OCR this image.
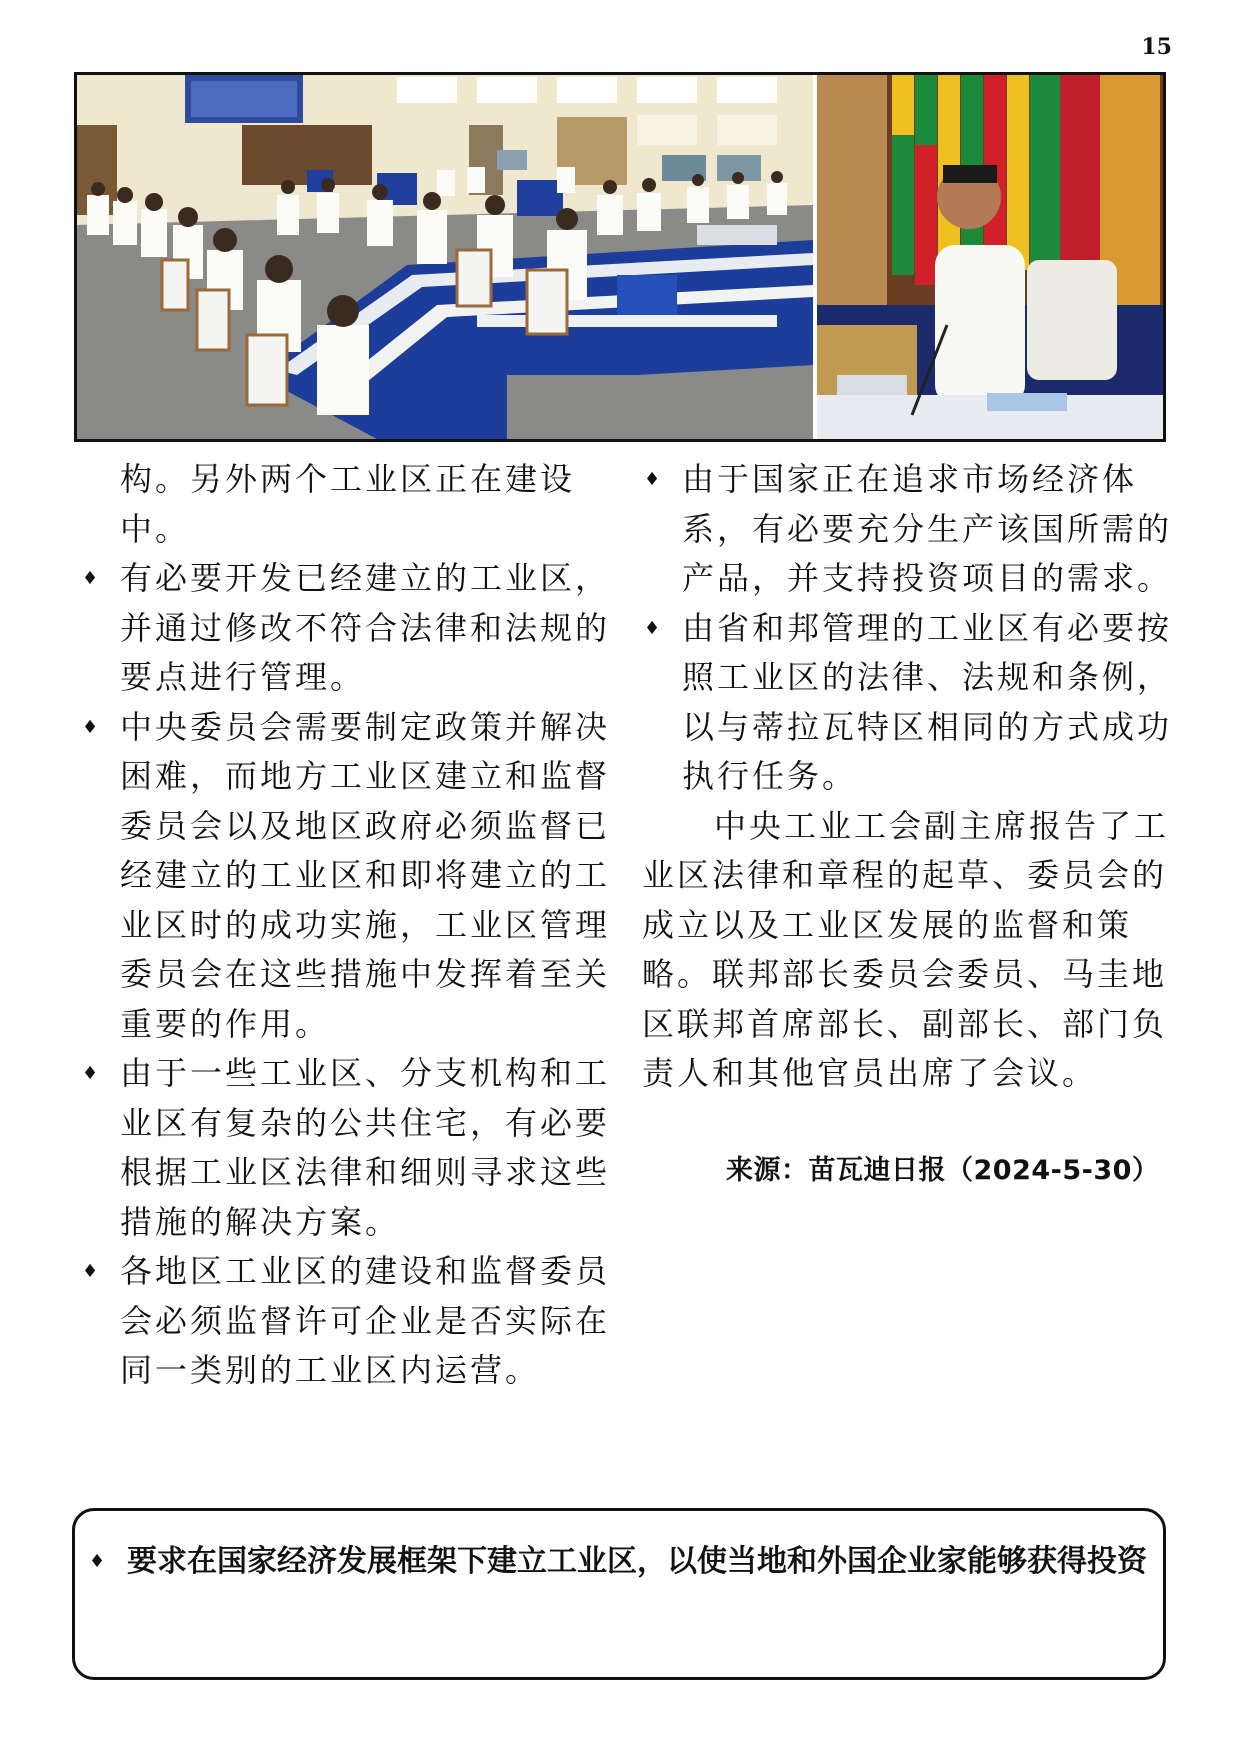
15

构。另外两个工业区正在建设中。

♦ 有必要开发已经建立的工业区，并通过修改不符合法律和法规的要点进行管理。

♦ 中央委员会需要制定政策并解决困难，而地方工业区建立和监督委员会以及地区政府必须监督已经建立的工业区和即将建立的工业区时的成功实施，工业区管理委员会在这些措施中发挥着至关重要的作用。

♦ 由于一些工业区、分支机构和工业区有复杂的公共住宅，有必要根据工业区法律和细则寻求这些措施的解决方案。

♦ 各地区工业区的建设和监督委员会必须监督许可企业是否实际在同一类别的工业区内运营。

♦ 由于国家正在追求市场经济体系，有必要充分生产该国所需的产品，并支持投资项目的需求。

♦ 由省和邦管理的工业区有必要按照工业区的法律、法规和条例，以与蒂拉瓦特区相同的方式成功执行任务。

中央工业工会副主席报告了工业区法律和章程的起草、委员会的成立以及工业区发展的监督和策略。联邦部长委员会委员、马圭地区联邦首席部长、副部长、部门负责人和其他官员出席了会议。

来源：苗瓦迪日报（2024-5-30）
♦ 要求在国家经济发展框架下建立工业区，以使当地和外国企业家能够获得投资
